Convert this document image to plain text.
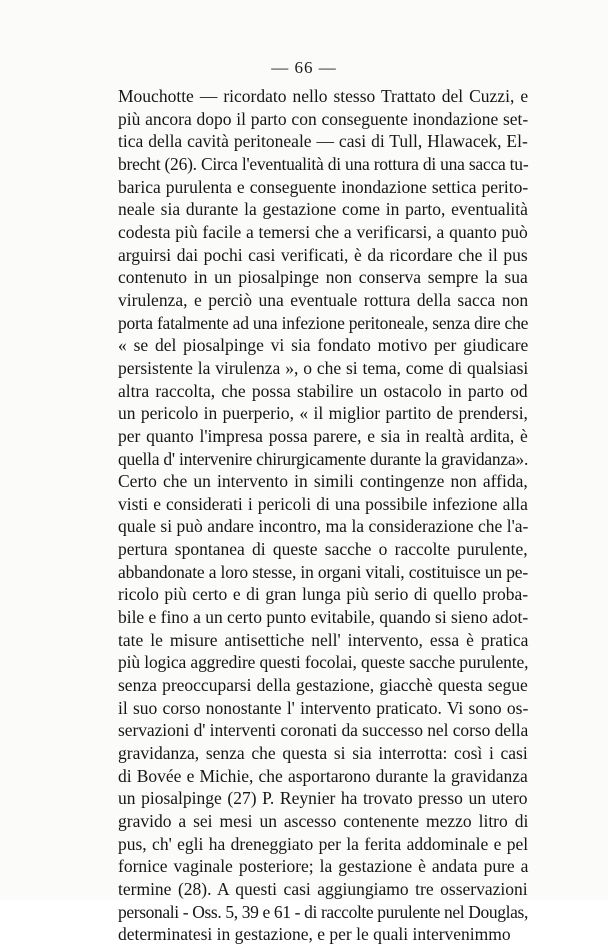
— 66 —
Mouchotte — ricordato nello stesso Trattato del Cuzzi, e
più ancora dopo il parto con conseguente inondazione set-
tica della cavità peritoneale — casi di Tull, Hlawacek, El-
brecht (26). Circa l'eventualità di una rottura di una sacca tu-
barica purulenta e conseguente inondazione settica perito-
neale sia durante la gestazione come in parto, eventualità
codesta più facile a temersi che a verificarsi, a quanto può
arguirsi dai pochi casi verificati, è da ricordare che il pus
contenuto in un piosalpinge non conserva sempre la sua
virulenza, e perciò una eventuale rottura della sacca non
porta fatalmente ad una infezione peritoneale, senza dire che
« se del piosalpinge vi sia fondato motivo per giudicare
persistente la virulenza », o che si tema, come di qualsiasi
altra raccolta, che possa stabilire un ostacolo in parto od
un pericolo in puerperio, « il miglior partito de prendersi,
per quanto l'impresa possa parere, e sia in realtà ardita, è
quella d' intervenire chirurgicamente durante la gravidanza».
Certo che un intervento in simili contingenze non affida,
visti e considerati i pericoli di una possibile infezione alla
quale si può andare incontro, ma la considerazione che l'a-
pertura spontanea di queste sacche o raccolte purulente,
abbandonate a loro stesse, in organi vitali, costituisce un pe-
ricolo più certo e di gran lunga più serio di quello proba-
bile e fino a un certo punto evitabile, quando si sieno adot-
tate le misure antisettiche nell' intervento, essa è pratica
più logica aggredire questi focolai, queste sacche purulente,
senza preoccuparsi della gestazione, giacchè questa segue
il suo corso nonostante l' intervento praticato. Vi sono os-
servazioni d' interventi coronati da successo nel corso della
gravidanza, senza che questa si sia interrotta: così i casi
di Bovée e Michie, che asportarono durante la gravidanza
un piosalpinge (27) P. Reynier ha trovato presso un utero
gravido a sei mesi un ascesso contenente mezzo litro di
pus, ch' egli ha dreneggiato per la ferita addominale e pel
fornice vaginale posteriore; la gestazione è andata pure a
termine (28). A questi casi aggiungiamo tre osservazioni
personali - Oss. 5, 39 e 61 - di raccolte purulente nel Douglas,
determinatesi in gestazione, e per le quali intervenimmo
